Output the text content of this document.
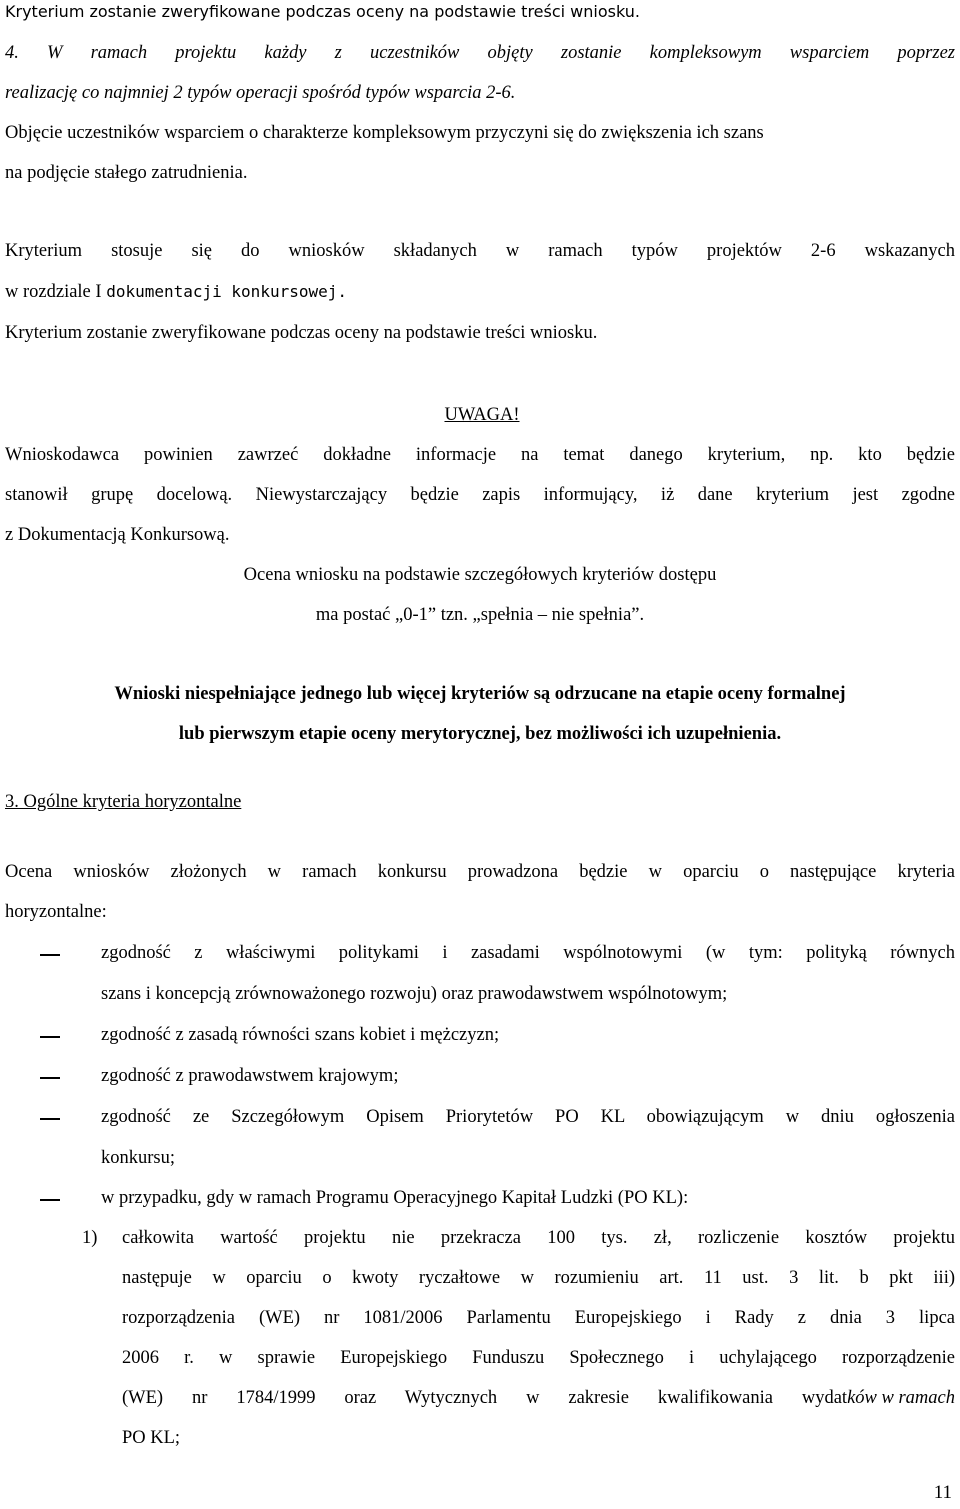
Kryterium zostanie zweryfikowane podczas oceny na podstawie treści wniosku.
4. W ramach projektu każdy z uczestników objęty zostanie kompleksowym wsparciem poprzez
realizację co najmniej 2 typów operacji spośród typów wsparcia 2-6.
Objęcie uczestników wsparciem o charakterze kompleksowym przyczyni się do zwiększenia ich szans
na podjęcie stałego zatrudnienia.
Kryterium stosuje się do wniosków składanych w ramach typów projektów 2-6 wskazanych
w rozdziale I dokumentacji konkursowej.
Kryterium zostanie zweryfikowane podczas oceny na podstawie treści wniosku.
UWAGA!
Wnioskodawca powinien zawrzeć dokładne informacje na temat danego kryterium, np. kto będzie
stanowił grupę docelową. Niewystarczający będzie zapis informujący, iż dane kryterium jest zgodne
z Dokumentacją Konkursową.
Ocena wniosku na podstawie szczegółowych kryteriów dostępu
ma postać „0-1” tzn. „spełnia – nie spełnia”.
Wnioski niespełniające jednego lub więcej kryteriów są odrzucane na etapie oceny formalnej
lub pierwszym etapie oceny merytorycznej, bez możliwości ich uzupełnienia.
3. Ogólne kryteria horyzontalne
Ocena wniosków złożonych w ramach konkursu prowadzona będzie w oparciu o następujące kryteria
horyzontalne:
zgodność z właściwymi politykami i zasadami wspólnotowymi (w tym: polityką równych
szans i koncepcją zrównoważonego rozwoju) oraz prawodawstwem wspólnotowym;
zgodność z zasadą równości szans kobiet i mężczyzn;
zgodność z prawodawstwem krajowym;
zgodność ze Szczegółowym Opisem Priorytetów PO KL obowiązującym w dniu ogłoszenia
konkursu;
w przypadku, gdy w ramach Programu Operacyjnego Kapitał Ludzki (PO KL):
1) całkowita wartość projektu nie przekracza 100 tys. zł, rozliczenie kosztów projektu
następuje w oparciu o kwoty ryczałtowe w rozumieniu art. 11 ust. 3 lit. b pkt iii)
rozporządzenia (WE) nr 1081/2006 Parlamentu Europejskiego i Rady z dnia 3 lipca
2006 r. w sprawie Europejskiego Funduszu Społecznego i uchylającego rozporządzenie
(WE) nr 1784/1999 oraz Wytycznych w zakresie kwalifikowania wydat ków w ramach
PO KL;
11
